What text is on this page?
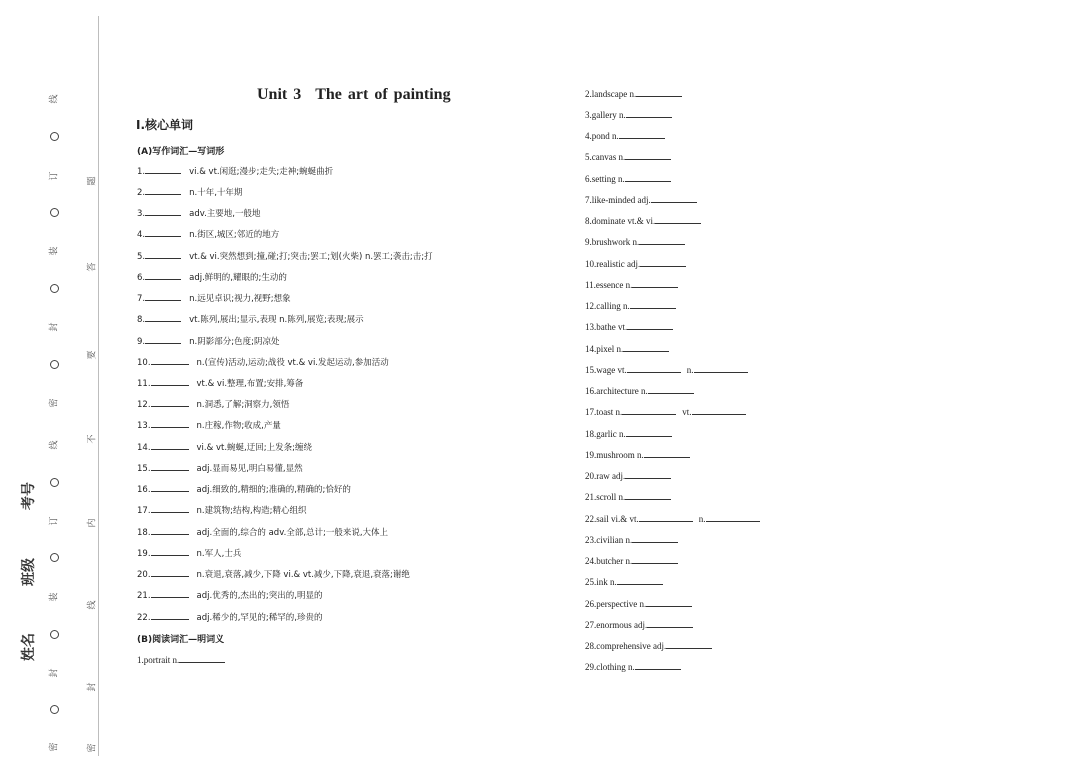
线
订
装
封
密
线
订
装
封
密
题
答
要
不
内
线
封
密
考号
班级
姓名
Unit 3 The art of painting
Ⅰ.核心单词
(A)写作词汇—写词形
1.	vi.& vt.闲逛;漫步;走失;走神;蜿蜒曲折
2.	n.十年,十年期
3.	adv.主要地,一般地
4.	n.街区,城区;邻近的地方
5.	vt.& vi.突然想到;撞,碰;打;突击;罢工;划(火柴) n.罢工;袭击;击;打
6.	adj.鲜明的,耀眼的;生动的
7.	n.远见卓识;视力,视野;想象
8.	vt.陈列,展出;显示,表现 n.陈列,展览;表现;展示
9.	n.阴影部分;色度;阴凉处
10.	n.(宣传)活动,运动;战役 vt.& vi.发起运动,参加活动
11.	vt.& vi.整理,布置;安排,筹备
12.	n.洞悉,了解;洞察力,领悟
13.	n.庄稼,作物;收成,产量
14.	vi.& vt.蜿蜒,迂回;上发条;缠绕
15.	adj.显而易见,明白易懂,显然
16.	adj.细致的,精细的;准确的,精确的;恰好的
17.	n.建筑物;结构,构造;精心组织
18.	adj.全面的,综合的 adv.全部,总计;一般来说,大体上
19.	n.军人,士兵
20.	n.衰退,衰落,减少,下降 vi.& vt.减少,下降,衰退,衰落;谢绝
21.	adj.优秀的,杰出的;突出的,明显的
22.	adj.稀少的,罕见的;稀罕的,珍贵的
(B)阅读词汇—明词义
1.portrait n.
2.landscape n.
3.gallery n.
4.pond n.
5.canvas n.
6.setting n.
7.like-minded adj.
8.dominate vt.& vi.
9.brushwork n.
10.realistic adj.
11.essence n.
12.calling n.
13.bathe vt.
14.pixel n.
15.wage vt.	n.
16.architecture n.
17.toast n.	vt.
18.garlic n.
19.mushroom n.
20.raw adj.
21.scroll n.
22.sail vi.& vt.	n.
23.civilian n.
24.butcher n.
25.ink n.
26.perspective n.
27.enormous adj.
28.comprehensive adj.
29.clothing n.
